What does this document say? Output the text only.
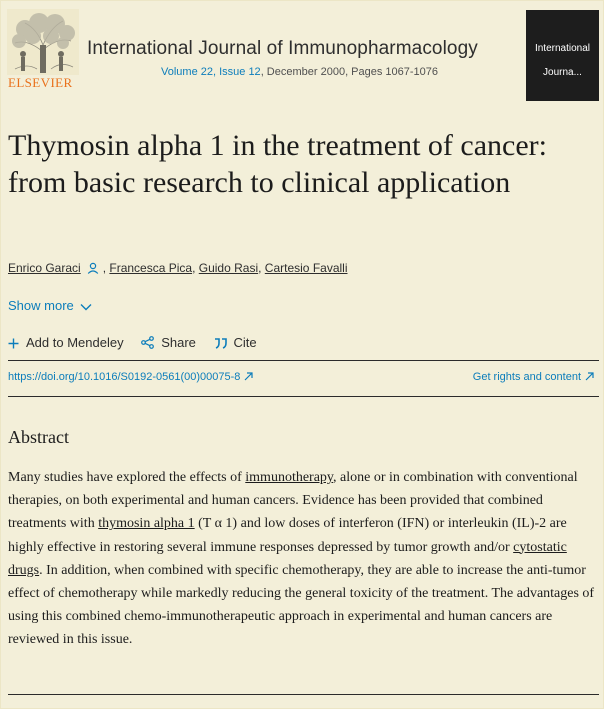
ELSEVIER
International Journal of Immunopharmacology
Volume 22, Issue 12, December 2000, Pages 1067-1076
International
Journa...
Thymosin alpha 1 in the treatment of cancer: from basic research to clinical application
Enrico Garaci , Francesca Pica, Guido Rasi, Cartesio Favalli
Show more
Add to Mendeley	Share	Cite
https://doi.org/10.1016/S0192-0561(00)00075-8	Get rights and content
Abstract

Many studies have explored the effects of immunotherapy, alone or in combination with conventional therapies, on both experimental and human cancers. Evidence has been provided that combined treatments with thymosin alpha 1 (T α 1) and low doses of interferon (IFN) or interleukin (IL)-2 are highly effective in restoring several immune responses depressed by tumor growth and/or cytostatic drugs. In addition, when combined with specific chemotherapy, they are able to increase the anti-tumor effect of chemotherapy while markedly reducing the general toxicity of the treatment. The advantages of using this combined chemo-immunotherapeutic approach in experimental and human cancers are reviewed in this issue.
